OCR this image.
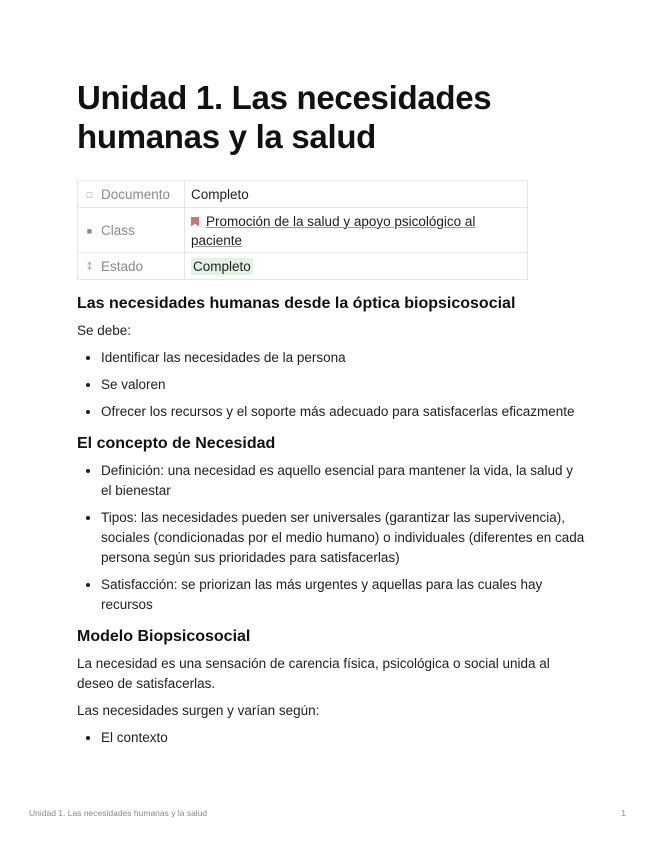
Unidad 1. Las necesidades humanas y la salud
□ Documento	Completo
■ Class	Promoción de la salud y apoyo psicológico al paciente

⁑ Estado	Completo
Las necesidades humanas desde la óptica biopsicosocial

Se debe:

• Identificar las necesidades de la persona
• Se valoren
• Ofrecer los recursos y el soporte más adecuado para satisfacerlas eficazmente
El concepto de Necesidad
• Definición: una necesidad es aquello esencial para mantener la vida, la salud y el bienestar
• Tipos: las necesidades pueden ser universales (garantizar las supervivencia), sociales (condicionadas por el medio humano) o individuales (diferentes en cada persona según sus prioridades para satisfacerlas)
• Satisfacción: se priorizan las más urgentes y aquellas para las cuales hay recursos
Modelo Biopsicosocial

La necesidad es una sensación de carencia física, psicológica o social unida al deseo de satisfacerlas.

Las necesidades surgen y varían según:

• El contexto
Unidad 1. Las necesidades humanas y la salud	1
